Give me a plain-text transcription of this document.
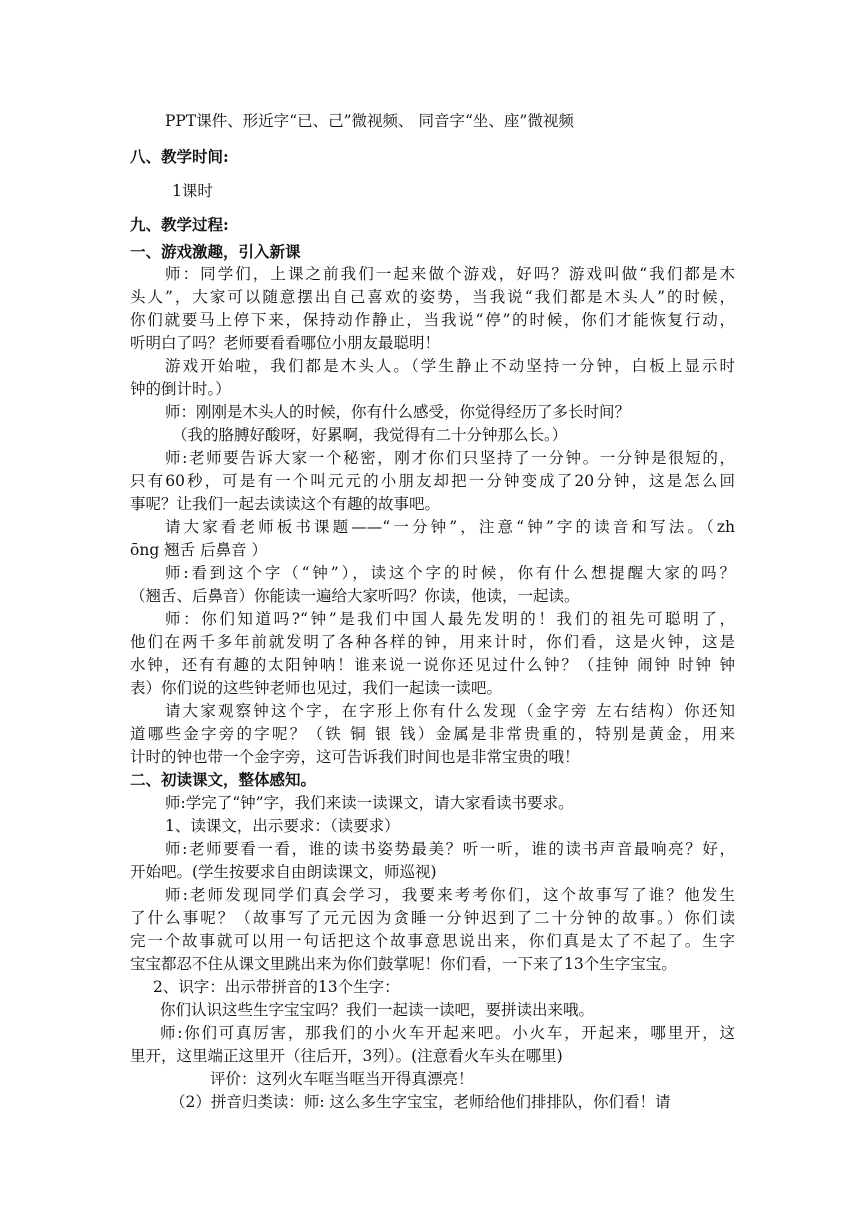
PPT课件、形近字“已、己”微视频、 同音字“坐、座”微视频
八、教学时间:
1课时
九、教学过程:
一、游戏激趣，引入新课
师：同学们，上课之前我们一起来做个游戏，好吗？游戏叫做“我们都是木
头人”，大家可以随意摆出自己喜欢的姿势，当我说“我们都是木头人”的时候，
你们就要马上停下来，保持动作静止，当我说“停”的时候，你们才能恢复行动，
听明白了吗？老师要看看哪位小朋友最聪明！
游戏开始啦，我们都是木头人。（学生静止不动坚持一分钟，白板上显示时
钟的倒计时。）
师：刚刚是木头人的时候，你有什么感受，你觉得经历了多长时间？
（我的胳膊好酸呀，好累啊，我觉得有二十分钟那么长。）
师:老师要告诉大家一个秘密，刚才你们只坚持了一分钟。一分钟是很短的，
只有60秒，可是有一个叫元元的小朋友却把一分钟变成了20分钟，这是怎么回
事呢？让我们一起去读读这个有趣的故事吧。
请大家看老师板书课题——“一分钟”，注意“钟”字的读音和写法。（zh
ōng 翘舌 后鼻音 ）
师:看到这个字（“钟”），读这个字的时候，你有什么想提醒大家的吗？
（翘舌、后鼻音）你能读一遍给大家听吗？你读，他读，一起读。
师：你们知道吗?“钟”是我们中国人最先发明的！我们的祖先可聪明了，
他们在两千多年前就发明了各种各样的钟，用来计时，你们看，这是火钟，这是
水钟，还有有趣的太阳钟呐！谁来说一说你还见过什么钟？（挂钟 闹钟 时钟 钟
表）你们说的这些钟老师也见过，我们一起读一读吧。
请大家观察钟这个字，在字形上你有什么发现（金字旁 左右结构）你还知
道哪些金字旁的字呢？（铁 铜 银 钱）金属是非常贵重的，特别是黄金，用来
计时的钟也带一个金字旁，这可告诉我们时间也是非常宝贵的哦！
二、初读课文，整体感知。
师:学完了“钟”字，我们来读一读课文，请大家看读书要求。
1、读课文，出示要求：（读要求）
师:老师要看一看，谁的读书姿势最美？听一听，谁的读书声音最响亮？好，
开始吧。(学生按要求自由朗读课文，师巡视)
师:老师发现同学们真会学习，我要来考考你们，这个故事写了谁？他发生
了什么事呢？（故事写了元元因为贪睡一分钟迟到了二十分钟的故事。）你们读
完一个故事就可以用一句话把这个故事意思说出来，你们真是太了不起了。生字
宝宝都忍不住从课文里跳出来为你们鼓掌呢！你们看，一下来了13个生字宝宝。
2、识字：出示带拼音的13个生字：
你们认识这些生字宝宝吗？我们一起读一读吧，要拼读出来哦。
师:你们可真厉害，那我们的小火车开起来吧。小火车，开起来，哪里开，这
里开，这里端正这里开（往后开，3列）。(注意看火车头在哪里)
评价：这列火车哐当哐当开得真漂亮！
（2）拼音归类读：师: 这么多生字宝宝，老师给他们排排队，你们看！请
